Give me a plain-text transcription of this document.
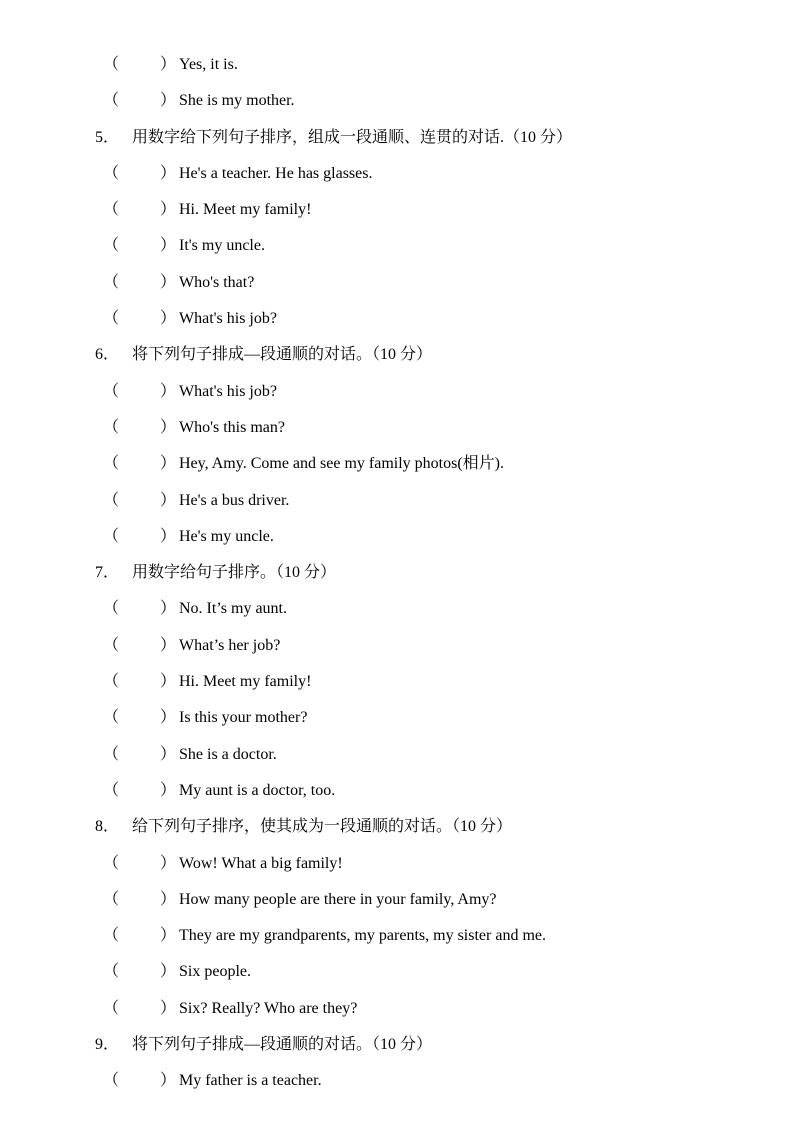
（	） Yes, it is.
（	） She is my mother.
5． 用数字给下列句子排序，组成一段通顺、连贯的对话.（10 分）
（	） He's a teacher. He has glasses.
（	） Hi. Meet my family!
（	） It's my uncle.
（	） Who's that?
（	） What's his job?
6． 将下列句子排成—段通顺的对话。（10 分）
（	） What's his job?
（	） Who's this man?
（	） Hey, Amy. Come and see my family photos(相片).
（	） He's a bus driver.
（	） He's my uncle.
7． 用数字给句子排序。（10 分）
（	） No. It’s my aunt.
（	） What’s her job?
（	） Hi. Meet my family!
（	） Is this your mother?
（	） She is a doctor.
（	） My aunt is a doctor, too.
8． 给下列句子排序，使其成为一段通顺的对话。（10 分）
（	） Wow! What a big family!
（	） How many people are there in your family, Amy?
（	） They are my grandparents, my parents, my sister and me.
（	） Six people.
（	） Six? Really? Who are they?
9． 将下列句子排成—段通顺的对话。（10 分）
（	） My father is a teacher.
